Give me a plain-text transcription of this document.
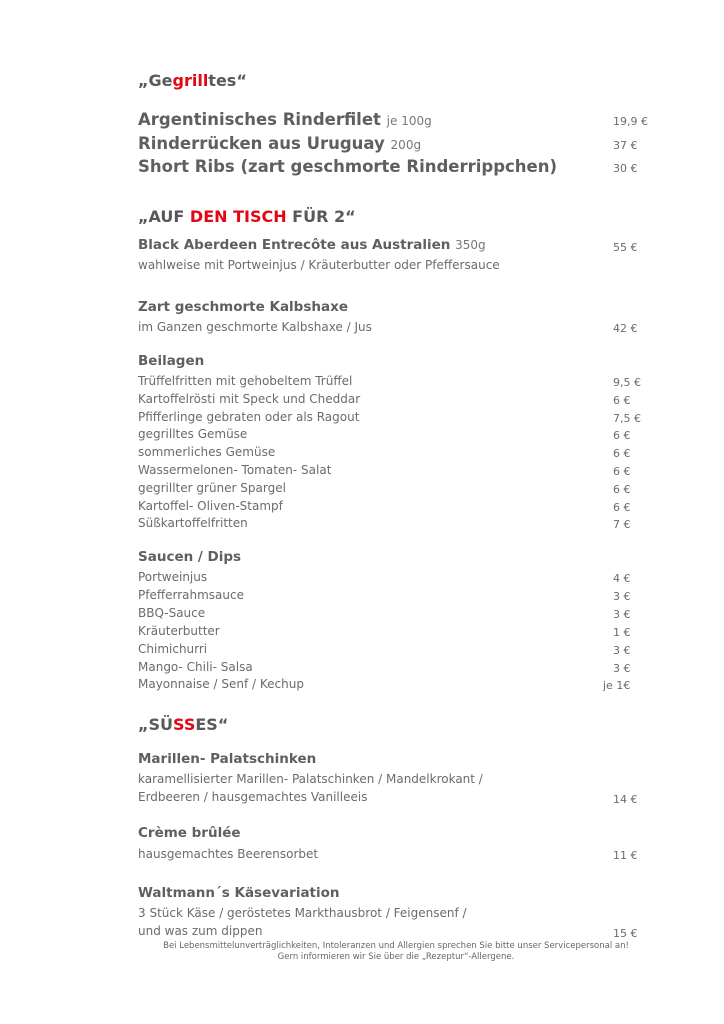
„Gegrilltes“
Argentinisches Rinderfilet je 100g	19,9 €
Rinderrücken aus Uruguay 200g	37 €
Short Ribs (zart geschmorte Rinderrippchen)	30 €
„AUF DEN TISCH FÜR 2“
Black Aberdeen Entrecôte aus Australien 350g	55 €
wahlweise mit Portweinjus / Kräuterbutter oder Pfeffersauce
Zart geschmorte Kalbshaxe
im Ganzen geschmorte Kalbshaxe / Jus	42 €
Beilagen
Trüffelfritten mit gehobeltem Trüffel	9,5 €
Kartoffelrösti mit Speck und Cheddar	6 €
Pfifferlinge gebraten oder als Ragout	7,5 €
gegrilltes Gemüse	6 €
sommerliches Gemüse	6 €
Wassermelonen- Tomaten- Salat	6 €
gegrillter grüner Spargel	6 €
Kartoffel- Oliven-Stampf	6 €
Süßkartoffelfritten	7 €
Saucen / Dips
Portweinjus	4 €
Pfefferrahmsauce	3 €
BBQ-Sauce	3 €
Kräuterbutter	1 €
Chimichurri	3 €
Mango- Chili- Salsa	3 €
Mayonnaise / Senf / Kechup	je 1€
„SÜSSES“
Marillen- Palatschinken
karamellisierter Marillen- Palatschinken / Mandelkrokant /
Erdbeeren / hausgemachtes Vanilleeis	14 €
Crème brûlée
hausgemachtes Beerensorbet	11 €
Waltmann´s Käsevariation
3 Stück Käse / geröstetes Markthausbrot / Feigensenf /
und was zum dippen	15 €
Bei Lebensmittelunverträglichkeiten, Intoleranzen und Allergien sprechen Sie bitte unser Servicepersonal an!
Gern informieren wir Sie über die „Rezeptur“-Allergene.
